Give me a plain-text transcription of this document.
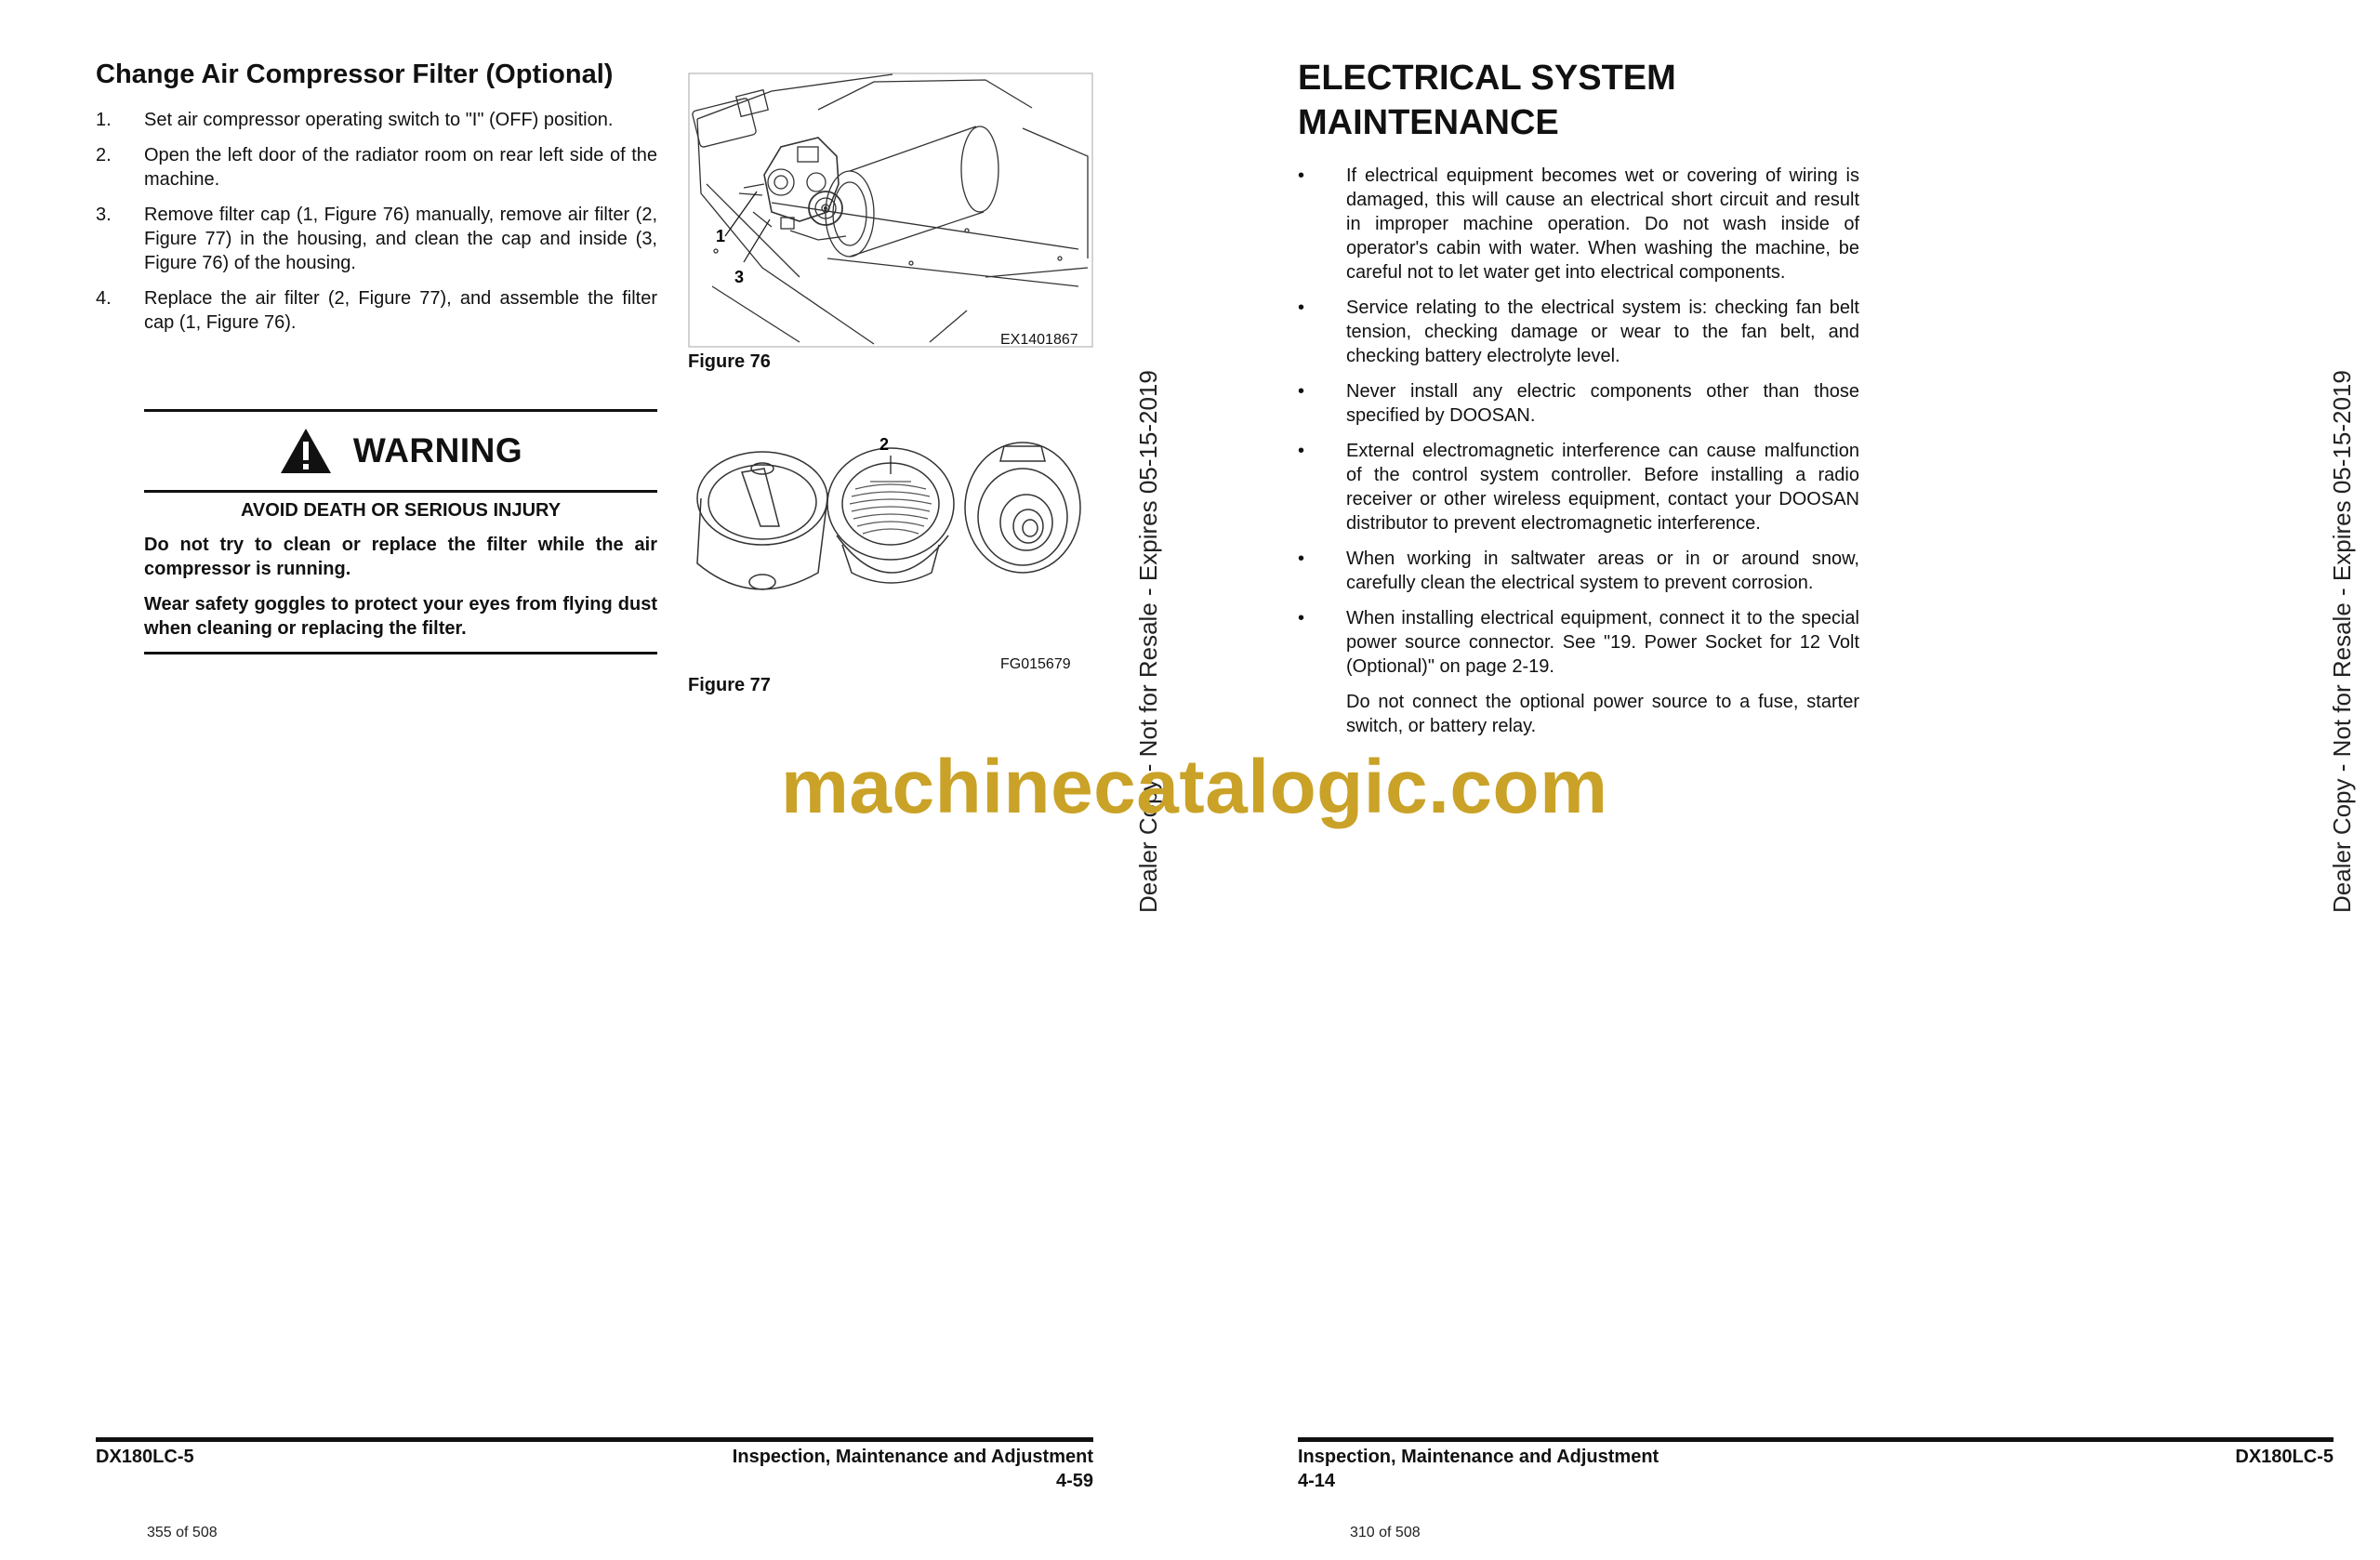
Change Air Compressor Filter (Optional)
1.	Set air compressor operating switch to "I" (OFF) position.
2.	Open the left door of the radiator room on rear left side of the machine.
3.	Remove filter cap (1, Figure 76) manually, remove air filter (2, Figure 77) in the housing, and clean the cap and inside (3, Figure 76) of the housing.
4.	Replace the air filter (2, Figure 77), and assemble the filter cap (1, Figure 76).
WARNING
AVOID DEATH OR SERIOUS INJURY

Do not try to clean or replace the filter while the air compressor is running.

Wear safety goggles to protect your eyes from flying dust when cleaning or replacing the filter.

1
3
EX1401867
Figure 76
2
FG015679
Figure 77
DX180LC-5	Inspection, Maintenance and Adjustment
4-59
355 of 508
ELECTRICAL SYSTEM
MAINTENANCE
•	If electrical equipment becomes wet or covering of wiring is damaged, this will cause an electrical short circuit and result in improper machine operation. Do not wash inside of operator's cabin with water. When washing the machine, be careful not to let water get into electrical components.
•	Service relating to the electrical system is: checking fan belt tension, checking damage or wear to the fan belt, and checking battery electrolyte level.
•	Never install any electric components other than those specified by DOOSAN.
•	External electromagnetic interference can cause malfunction of the control system controller. Before installing a radio receiver or other wireless equipment, contact your DOOSAN distributor to prevent electromagnetic interference.
•	When working in saltwater areas or in or around snow, carefully clean the electrical system to prevent corrosion.
•	When installing electrical equipment, connect it to the special power source connector. See "19. Power Socket for 12 Volt (Optional)" on page 2-19.
Do not connect the optional power source to a fuse, starter switch, or battery relay.
Inspection, Maintenance and Adjustment
4-14
DX180LC-5
310 of 508
Dealer Copy - Not for Resale - Expires 05-15-2019	Dealer Copy - Not for Resale - Expires 05-15-2019
machinecatalogic.com
